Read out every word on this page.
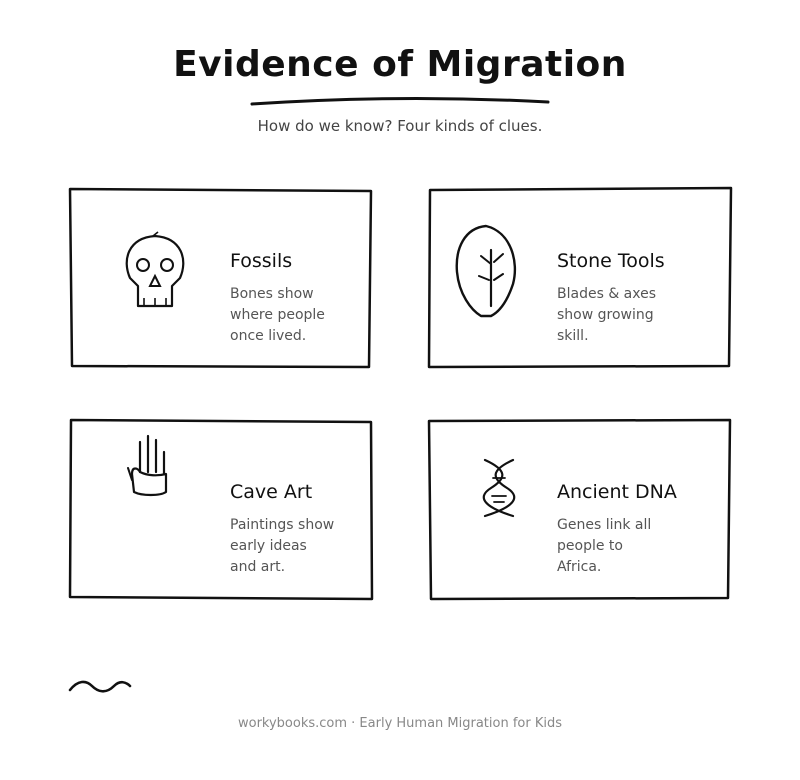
Evidence of Migration
How do we know? Four kinds of clues.
Fossils
Bones show
where people
once lived.
Stone Tools
Blades & axes
show growing
skill.
Cave Art
Paintings show
early ideas
and art.
Ancient DNA
Genes link all
people to
Africa.
workybooks.com · Early Human Migration for Kids
